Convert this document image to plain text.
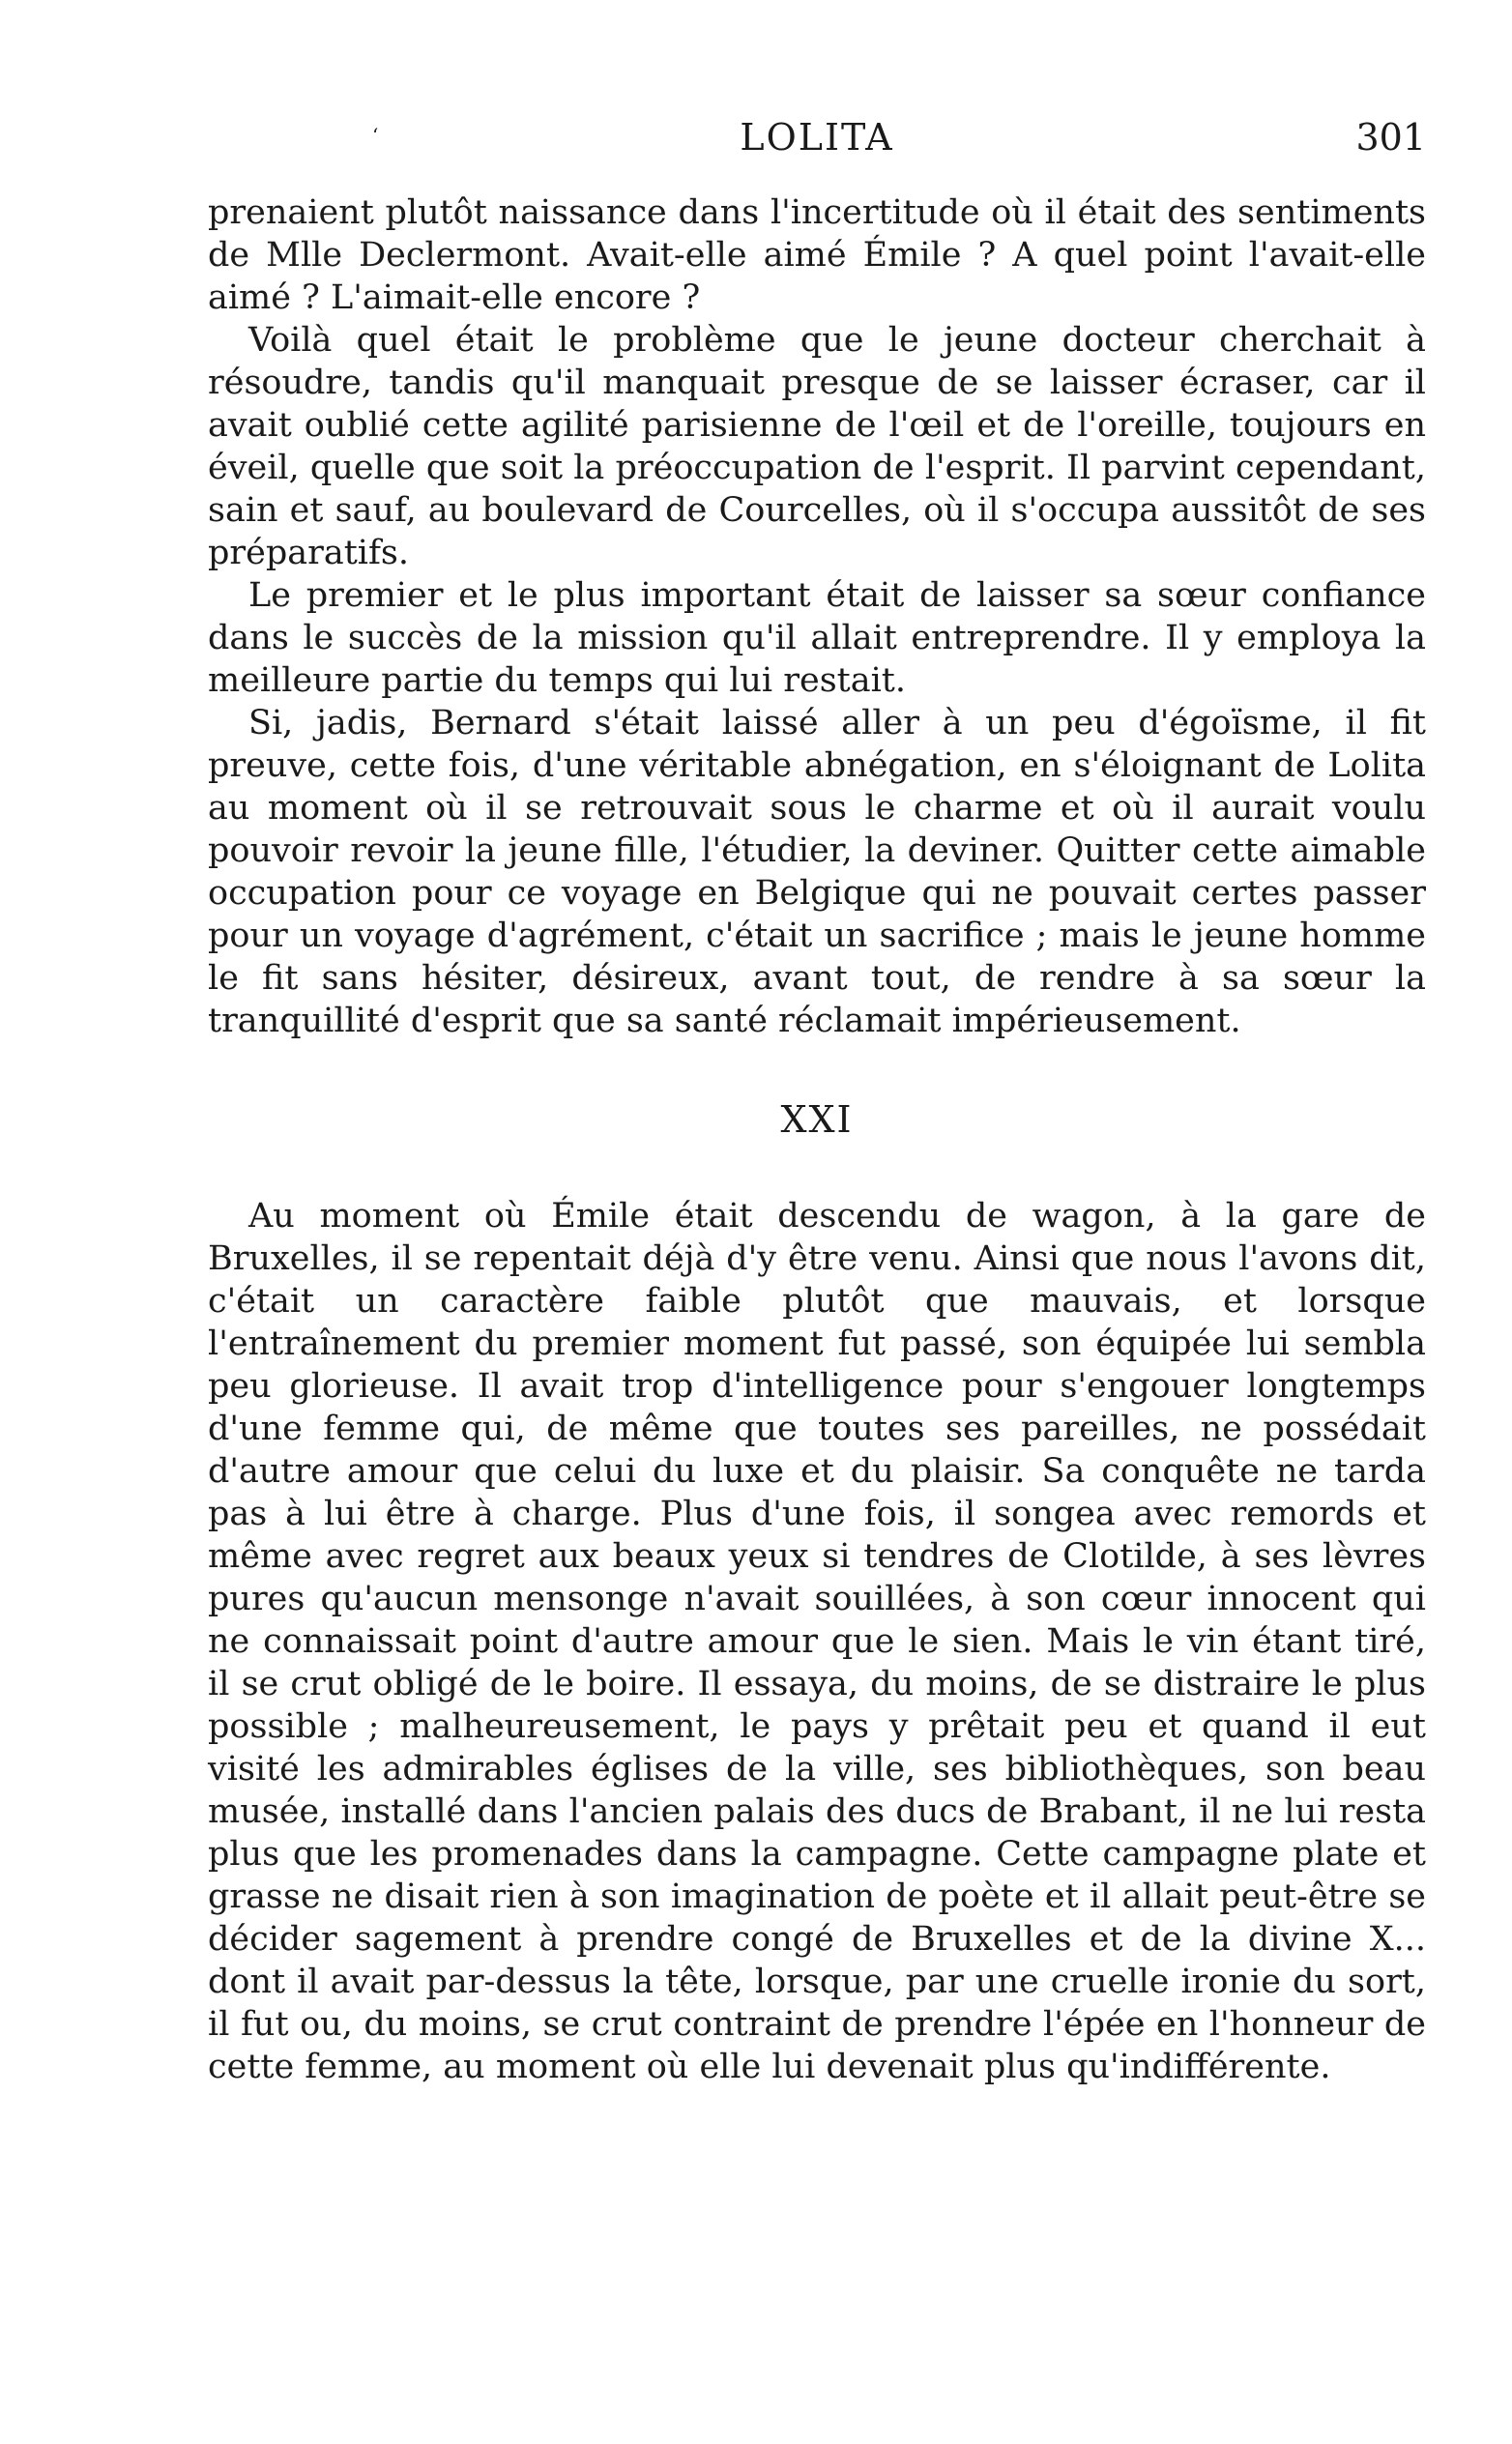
‘	LOLITA	301

prenaient plutôt naissance dans l'incertitude où il était des sentiments de Mlle Declermont. Avait-elle aimé Émile ? A quel point l'avait-elle aimé ? L'aimait-elle encore ?

Voilà quel était le problème que le jeune docteur cherchait à résoudre, tandis qu'il manquait presque de se laisser écraser, car il avait oublié cette agilité parisienne de l'œil et de l'oreille, toujours en éveil, quelle que soit la préoccupation de l'esprit. Il parvint cependant, sain et sauf, au boulevard de Courcelles, où il s'occupa aussitôt de ses préparatifs.

Le premier et le plus important était de laisser sa sœur confiance dans le succès de la mission qu'il allait entreprendre. Il y employa la meilleure partie du temps qui lui restait.

Si, jadis, Bernard s'était laissé aller à un peu d'égoïsme, il fit preuve, cette fois, d'une véritable abnégation, en s'éloignant de Lolita au moment où il se retrouvait sous le charme et où il aurait voulu pouvoir revoir la jeune fille, l'étudier, la deviner. Quitter cette aimable occupation pour ce voyage en Belgique qui ne pouvait certes passer pour un voyage d'agrément, c'était un sacrifice ; mais le jeune homme le fit sans hésiter, désireux, avant tout, de rendre à sa sœur la tranquillité d'esprit que sa santé réclamait impérieusement.

XXI

Au moment où Émile était descendu de wagon, à la gare de Bruxelles, il se repentait déjà d'y être venu. Ainsi que nous l'avons dit, c'était un caractère faible plutôt que mauvais, et lorsque l'entraînement du premier moment fut passé, son équipée lui sembla peu glorieuse. Il avait trop d'intelligence pour s'engouer longtemps d'une femme qui, de même que toutes ses pareilles, ne possédait d'autre amour que celui du luxe et du plaisir. Sa conquête ne tarda pas à lui être à charge. Plus d'une fois, il songea avec remords et même avec regret aux beaux yeux si tendres de Clotilde, à ses lèvres pures qu'aucun mensonge n'avait souillées, à son cœur innocent qui ne connaissait point d'autre amour que le sien. Mais le vin étant tiré, il se crut obligé de le boire. Il essaya, du moins, de se distraire le plus possible ; malheureusement, le pays y prêtait peu et quand il eut visité les admirables églises de la ville, ses bibliothèques, son beau musée, installé dans l'ancien palais des ducs de Brabant, il ne lui resta plus que les promenades dans la campagne. Cette campagne plate et grasse ne disait rien à son imagination de poète et il allait peut-être se décider sagement à prendre congé de Bruxelles et de la divine X... dont il avait par-dessus la tête, lorsque, par une cruelle ironie du sort, il fut ou, du moins, se crut contraint de prendre l'épée en l'honneur de cette femme, au moment où elle lui devenait plus qu'indifférente.
